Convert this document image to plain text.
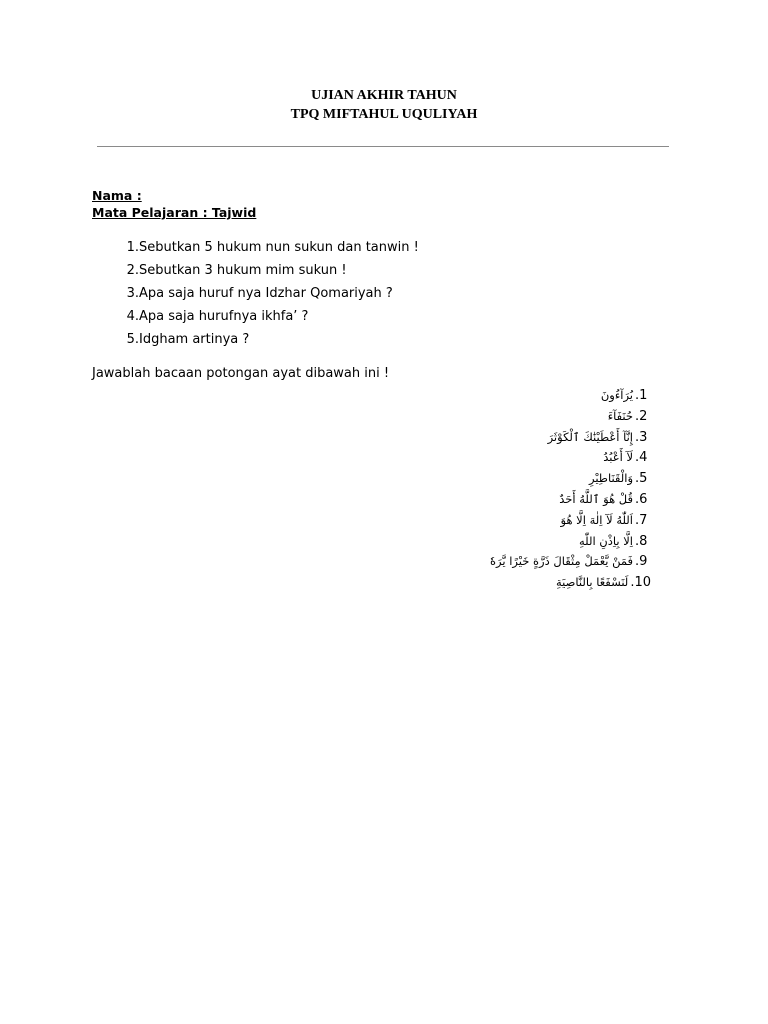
UJIAN AKHIR TAHUN
TPQ MIFTAHUL UQULIYAH
Nama :
Mata Pelajaran : Tajwid
1.Sebutkan 5 hukum nun sukun dan tanwin !
2.Sebutkan 3 hukum mim sukun !
3.Apa saja huruf nya Idzhar Qomariyah ?
4.Apa saja hurufnya ikhfa’ ?
5.Idgham artinya ?
Jawablah bacaan potongan ayat dibawah ini !
يُرَآءُونَ .1
حُنَفَآءَ .2
إِنَّآ أَعْطَيْنَٰكَ ٱلْكَوْثَرَ .3
لَآ أَعْبُدُ .4
وَالْقَنَاطِيْرِ .5
قُلْ هُوَ ٱللَّهُ أَحَدٌ .6
اَللّٰهُ لَآ اِلٰهَ اِلَّا هُوَ .7
اِلَّا بِاِذْنِ اللّٰهِ .8
فَمَنْ يَّعْمَلْ مِثْقَالَ ذَرَّةٍ خَيْرًا يَّرَهٗ .9
لَنَسْفَعًا بِالنَّاصِيَةِ .10
